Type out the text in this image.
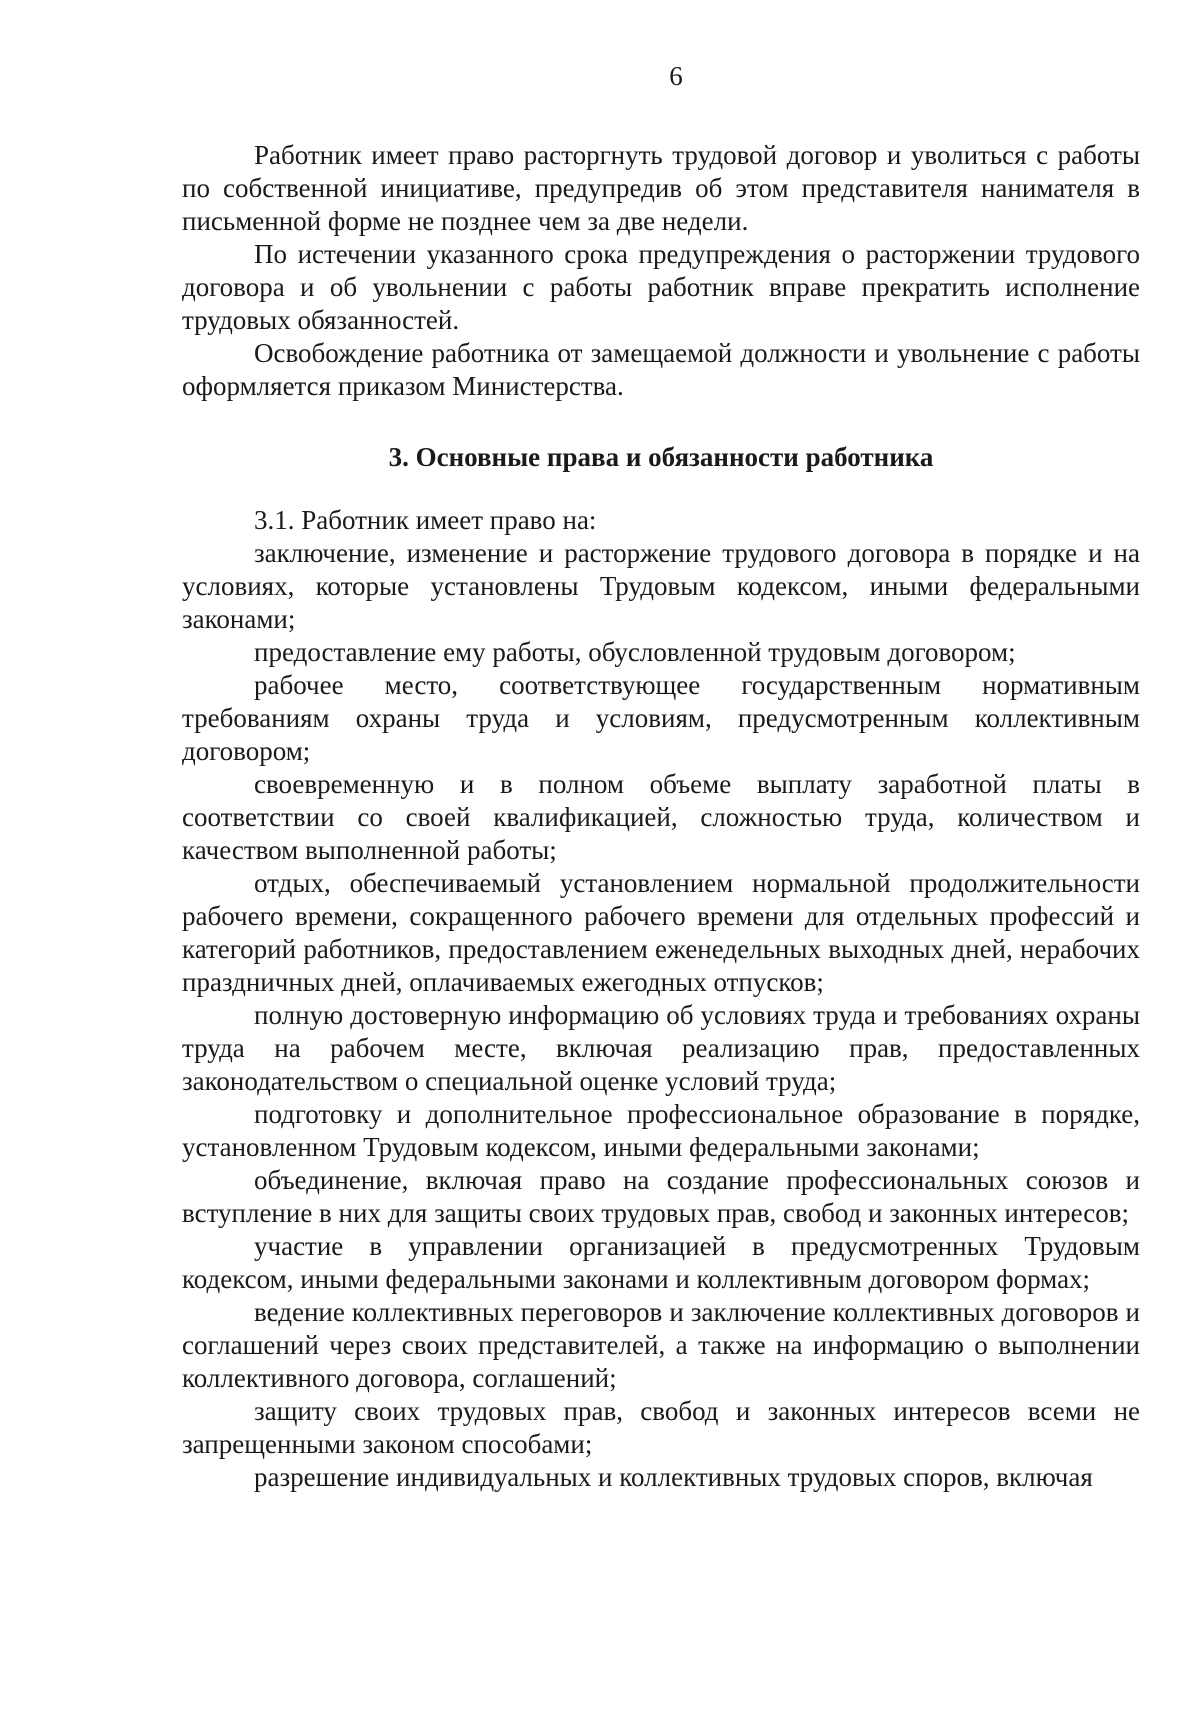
6

Работник имеет право расторгнуть трудовой договор и уволиться с работы по собственной инициативе, предупредив об этом представителя нанимателя в письменной форме не позднее чем за две недели.

По истечении указанного срока предупреждения о расторжении трудового договора и об увольнении с работы работник вправе прекратить исполнение трудовых обязанностей.

Освобождение работника от замещаемой должности и увольнение с работы оформляется приказом Министерства.

3. Основные права и обязанности работника

3.1. Работник имеет право на:

заключение, изменение и расторжение трудового договора в порядке и на условиях, которые установлены Трудовым кодексом, иными федеральными законами;

предоставление ему работы, обусловленной трудовым договором;

рабочее место, соответствующее государственным нормативным требованиям охраны труда и условиям, предусмотренным коллективным договором;

своевременную и в полном объеме выплату заработной платы в соответствии со своей квалификацией, сложностью труда, количеством и качеством выполненной работы;

отдых, обеспечиваемый установлением нормальной продолжительности рабочего времени, сокращенного рабочего времени для отдельных профессий и категорий работников, предоставлением еженедельных выходных дней, нерабочих праздничных дней, оплачиваемых ежегодных отпусков;

полную достоверную информацию об условиях труда и требованиях охраны труда на рабочем месте, включая реализацию прав, предоставленных законодательством о специальной оценке условий труда;

подготовку и дополнительное профессиональное образование в порядке, установленном Трудовым кодексом, иными федеральными законами;

объединение, включая право на создание профессиональных союзов и вступление в них для защиты своих трудовых прав, свобод и законных интересов;

участие в управлении организацией в предусмотренных Трудовым кодексом, иными федеральными законами и коллективным договором формах;

ведение коллективных переговоров и заключение коллективных договоров и соглашений через своих представителей, а также на информацию о выполнении коллективного договора, соглашений;

защиту своих трудовых прав, свобод и законных интересов всеми не запрещенными законом способами;

разрешение индивидуальных и коллективных трудовых споров, включая
